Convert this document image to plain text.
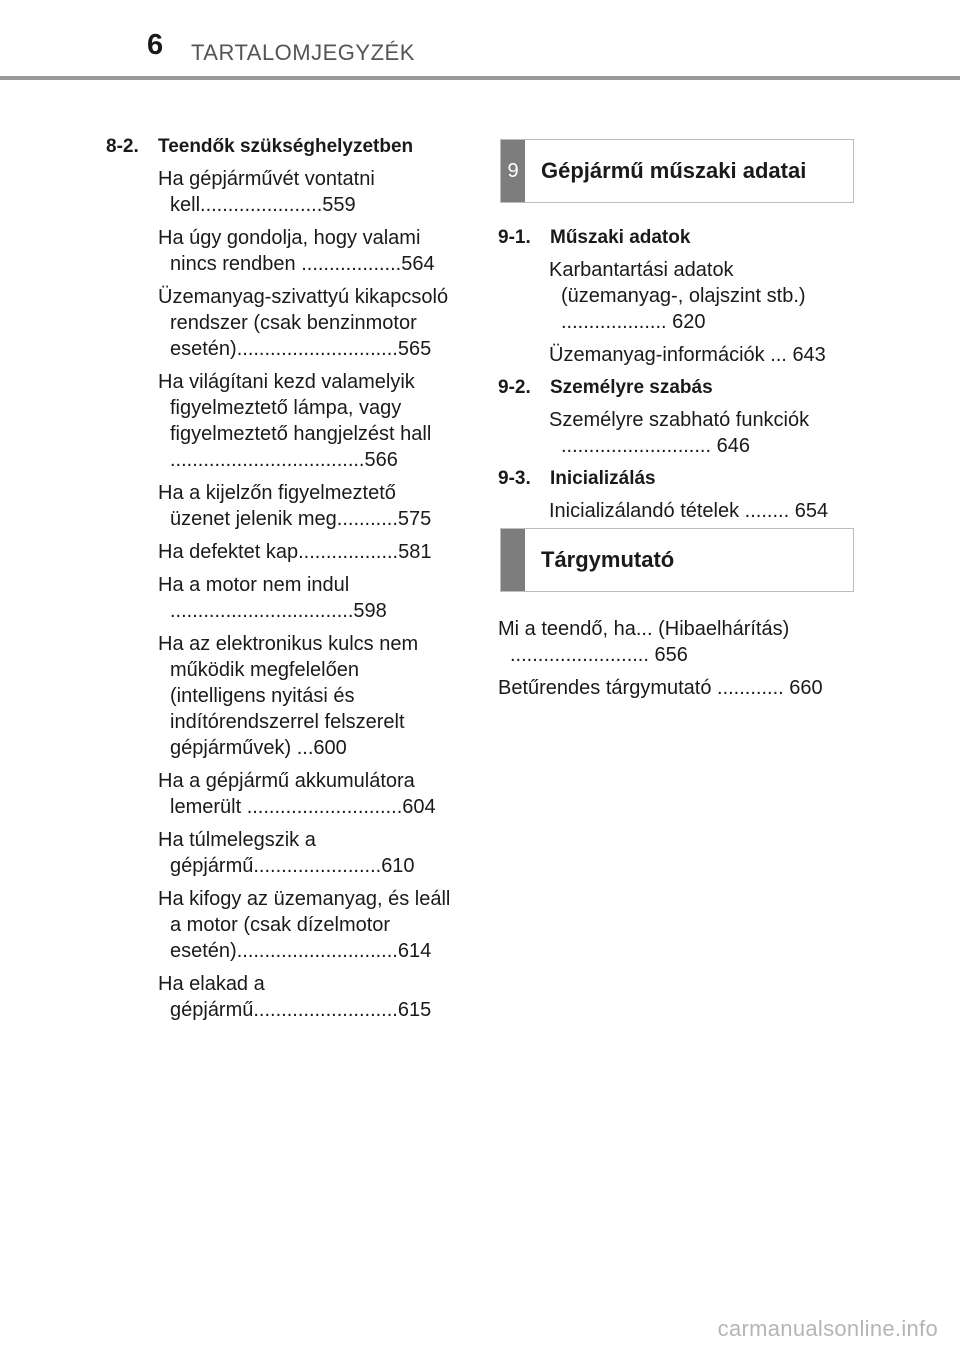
6 TARTALOMJEGYZÉK
8-2.	Teendők szükséghelyzetben
Ha gépjárművét vontatni kell......................559
Ha úgy gondolja, hogy valami nincs rendben ..................564
Üzemanyag-szivattyú kikapcsoló rendszer (csak benzinmotor esetén).............................565
Ha világítani kezd valamelyik figyelmeztető lámpa, vagy figyelmeztető hangjelzést hall ...................................566
Ha a kijelzőn figyelmeztető üzenet jelenik meg...........575
Ha defektet kap..................581
Ha a motor nem indul .................................598
Ha az elektronikus kulcs nem működik megfelelően (intelligens nyitási és indítórendszerrel felszerelt gépjárművek) ...600
Ha a gépjármű akkumulátora lemerült ............................604
Ha túlmelegszik a gépjármű.......................610
Ha kifogy az üzemanyag, és leáll a motor (csak dízelmotor esetén).............................614
Ha elakad a gépjármű..........................615
9 Gépjármű műszaki adatai
9-1.	Műszaki adatok
Karbantartási adatok (üzemanyag-, olajszint stb.) ................... 620
Üzemanyag-információk ... 643
9-2.	Személyre szabás
Személyre szabható funkciók ........................... 646
9-3.	Inicializálás
Inicializálandó tételek ........ 654
Tárgymutató
Mi a teendő, ha... (Hibaelhárítás) ......................... 656
Betűrendes tárgymutató ............ 660
carmanualsonline.info
